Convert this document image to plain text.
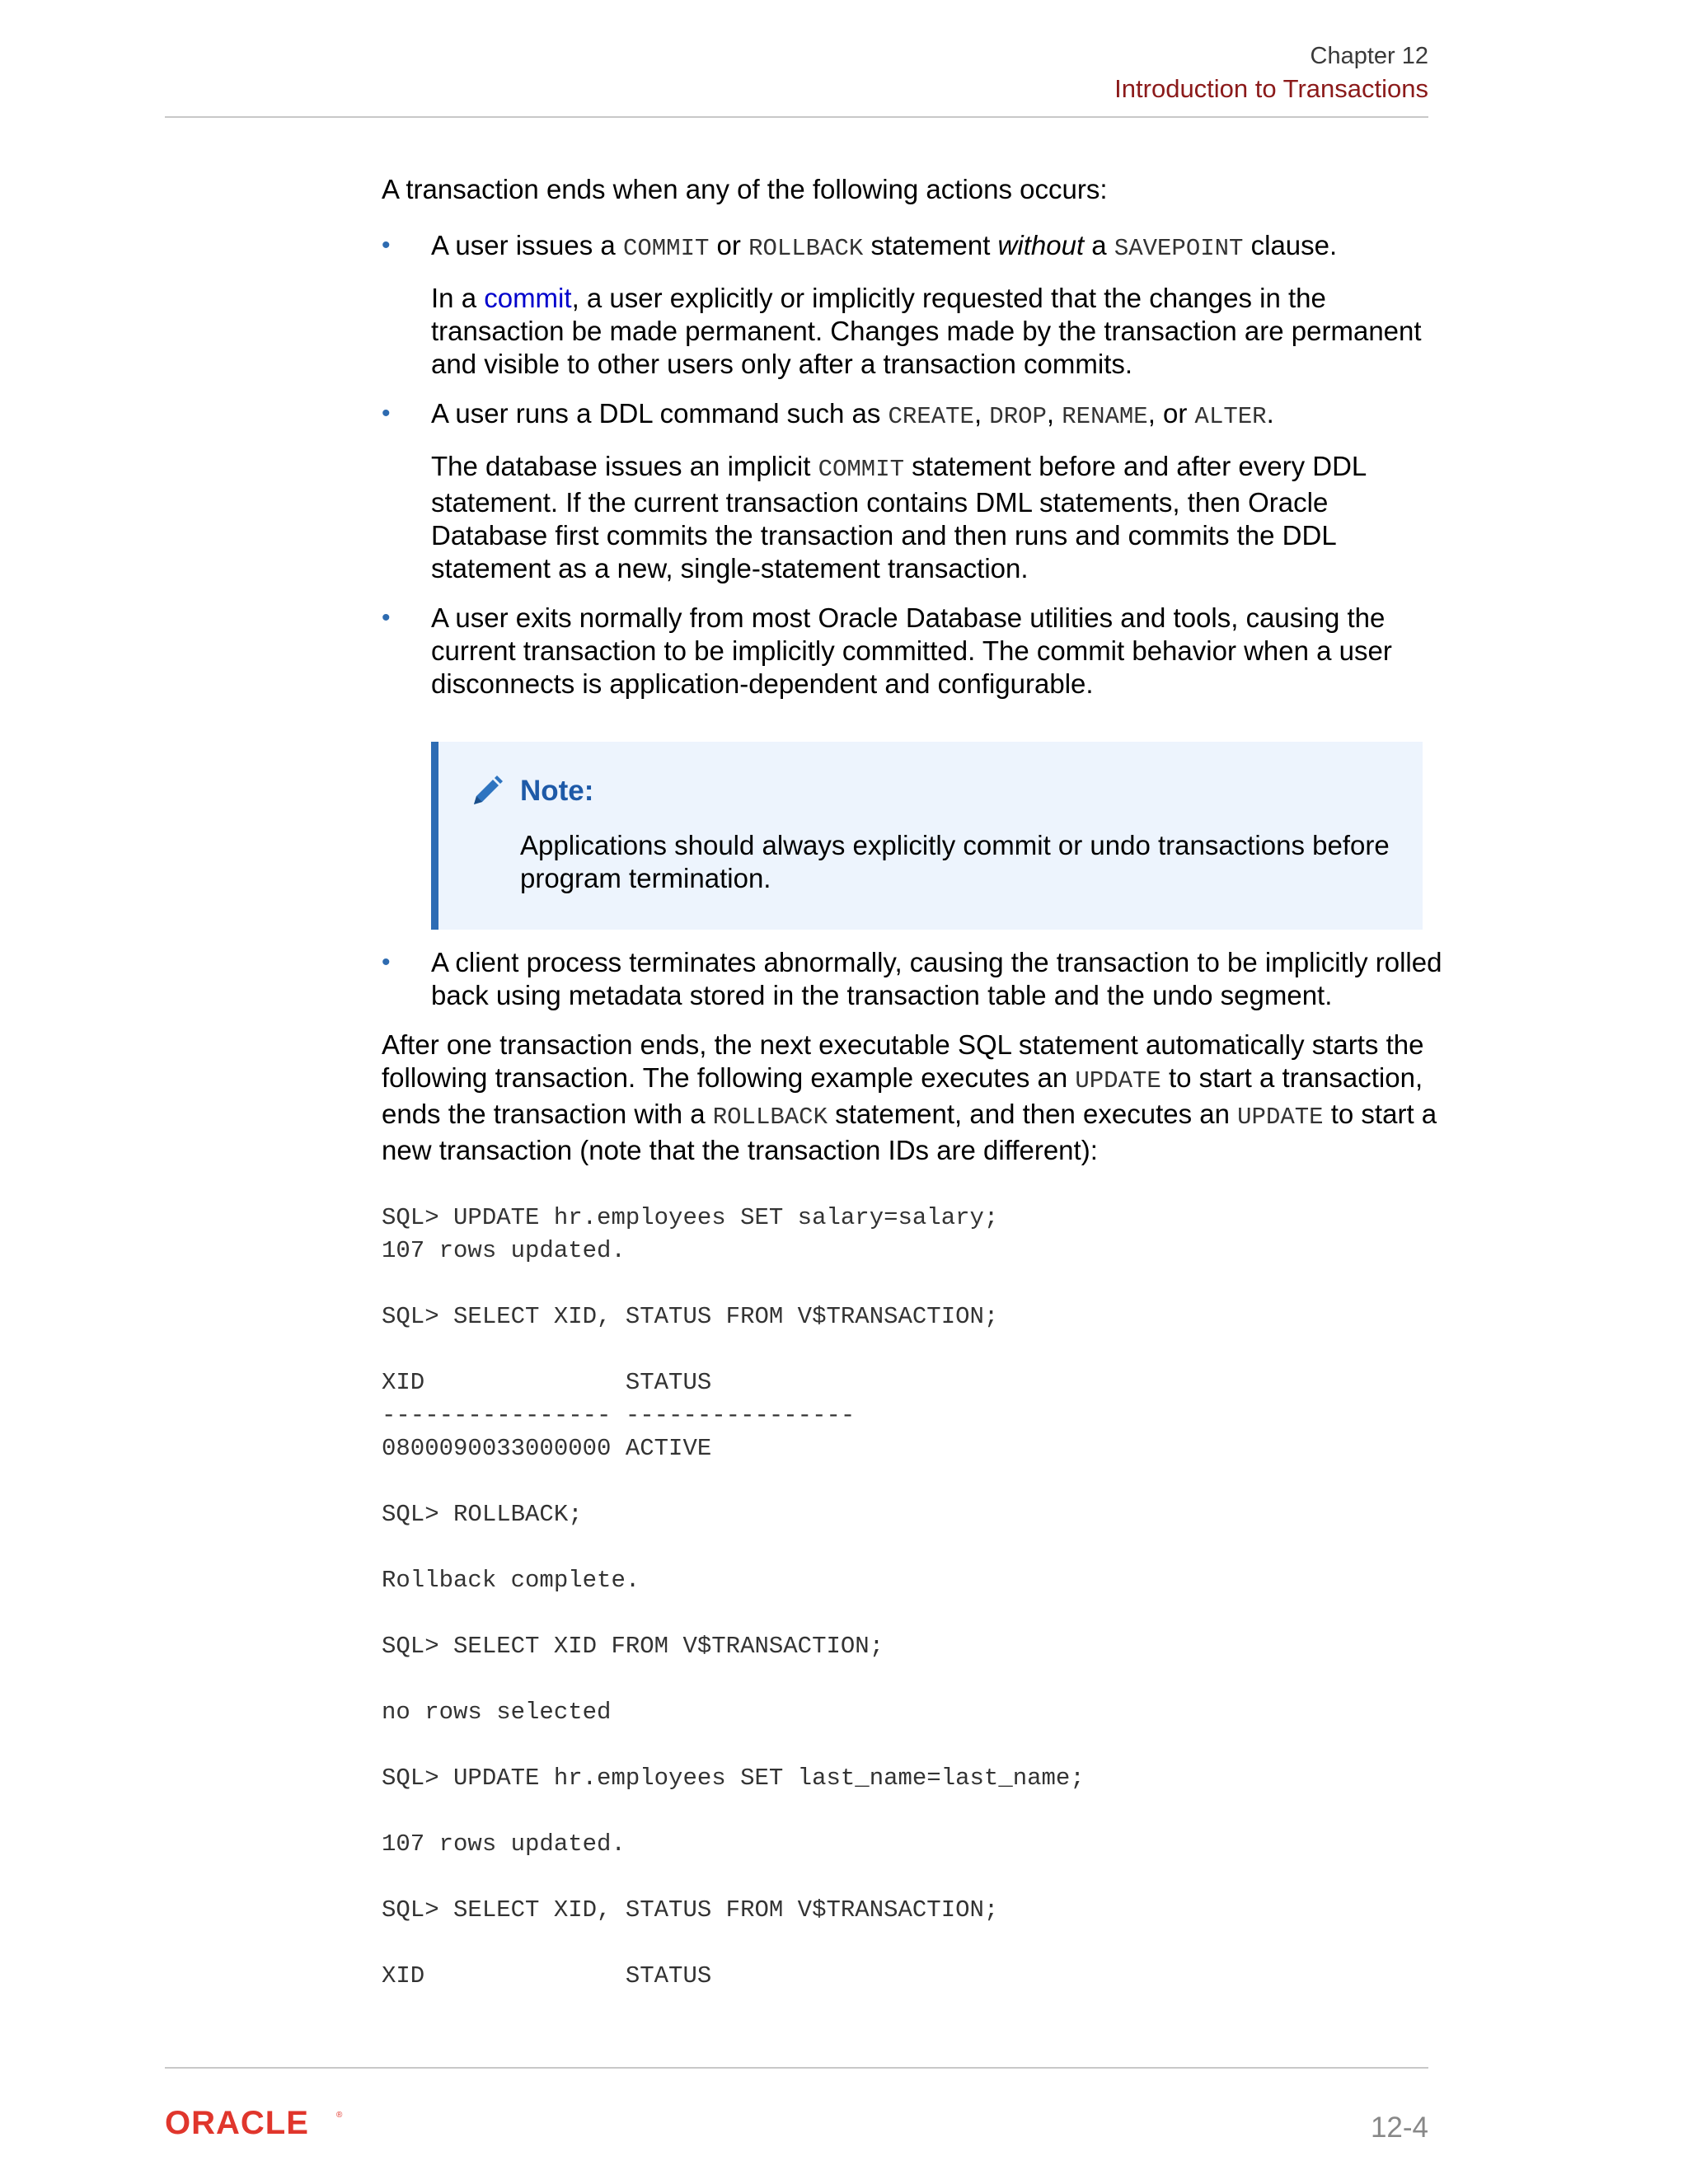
Chapter 12
Introduction to Transactions

A transaction ends when any of the following actions occurs:

• A user issues a COMMIT or ROLLBACK statement without a SAVEPOINT clause.

In a commit, a user explicitly or implicitly requested that the changes in the transaction be made permanent. Changes made by the transaction are permanent and visible to other users only after a transaction commits.

• A user runs a DDL command such as CREATE, DROP, RENAME, or ALTER.

The database issues an implicit COMMIT statement before and after every DDL statement. If the current transaction contains DML statements, then Oracle Database first commits the transaction and then runs and commits the DDL statement as a new, single-statement transaction.

• A user exits normally from most Oracle Database utilities and tools, causing the current transaction to be implicitly committed. The commit behavior when a user disconnects is application-dependent and configurable.
Note:

Applications should always explicitly commit or undo transactions before program termination.

• A client process terminates abnormally, causing the transaction to be implicitly rolled back using metadata stored in the transaction table and the undo segment.

After one transaction ends, the next executable SQL statement automatically starts the following transaction. The following example executes an UPDATE to start a transaction, ends the transaction with a ROLLBACK statement, and then executes an UPDATE to start a new transaction (note that the transaction IDs are different):

SQL> UPDATE hr.employees SET salary=salary;
107 rows updated.

SQL> SELECT XID, STATUS FROM V$TRANSACTION;

XID              STATUS
---------------- ----------------
0800090033000000 ACTIVE

SQL> ROLLBACK;

Rollback complete.

SQL> SELECT XID FROM V$TRANSACTION;

no rows selected

SQL> UPDATE hr.employees SET last_name=last_name;

107 rows updated.

SQL> SELECT XID, STATUS FROM V$TRANSACTION;

XID              STATUS
ORACLE	®	12-4
